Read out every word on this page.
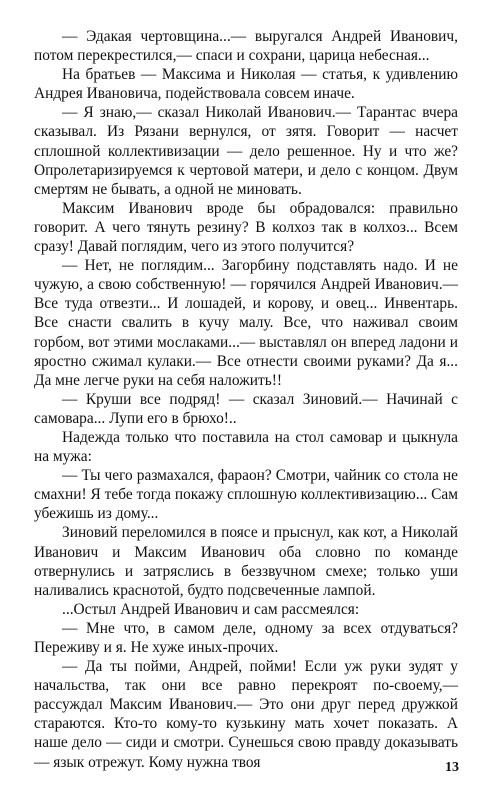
— Эдакая чертовщина...— выругался Андрей Иванович, потом перекрестился,— спаси и сохрани, царица небесная...

На братьев — Максима и Николая — статья, к удивлению Андрея Ивановича, подействовала совсем иначе.

— Я знаю,— сказал Николай Иванович.— Тарантас вчера сказывал. Из Рязани вернулся, от зятя. Говорит — насчет сплошной коллективизации — дело решенное. Ну и что же? Опролетаризируемся к чертовой матери, и дело с концом. Двум смертям не бывать, а одной не миновать.

Максим Иванович вроде бы обрадовался: правильно говорит. А чего тянуть резину? В колхоз так в колхоз... Всем сразу! Давай поглядим, чего из этого получится?

— Нет, не поглядим... Загорбину подставлять надо. И не чужую, а свою собственную! — горячился Андрей Иванович.— Все туда отвезти... И лошадей, и корову, и овец... Инвентарь. Все снасти свалить в кучу малу. Все, что наживал своим горбом, вот этими мослаками...— выставлял он вперед ладони и яростно сжимал кулаки.— Все отнести своими руками? Да я... Да мне легче руки на себя наложить!!

— Круши все подряд! — сказал Зиновий.— Начинай с самовара... Лупи его в брюхо!..

Надежда только что поставила на стол самовар и цыкнула на мужа:

— Ты чего размахался, фараон? Смотри, чайник со стола не смахни! Я тебе тогда покажу сплошную коллективизацию... Сам убежишь из дому...

Зиновий переломился в поясе и прыснул, как кот, а Николай Иванович и Максим Иванович оба словно по команде отвернулись и затряслись в беззвучном смехе; только уши наливались краснотой, будто подсвеченные лампой.

...Остыл Андрей Иванович и сам рассмеялся:

— Мне что, в самом деле, одному за всех отдуваться? Переживу и я. Не хуже иных-прочих.

— Да ты пойми, Андрей, пойми! Если уж руки зудят у начальства, так они все равно перекроят по-своему,— рассуждал Максим Иванович.— Это они друг перед дружкой стараются. Кто-то кому-то кузькину мать хочет показать. А наше дело — сиди и смотри. Сунешься свою правду доказывать — язык отрежут. Кому нужна твоя	13
